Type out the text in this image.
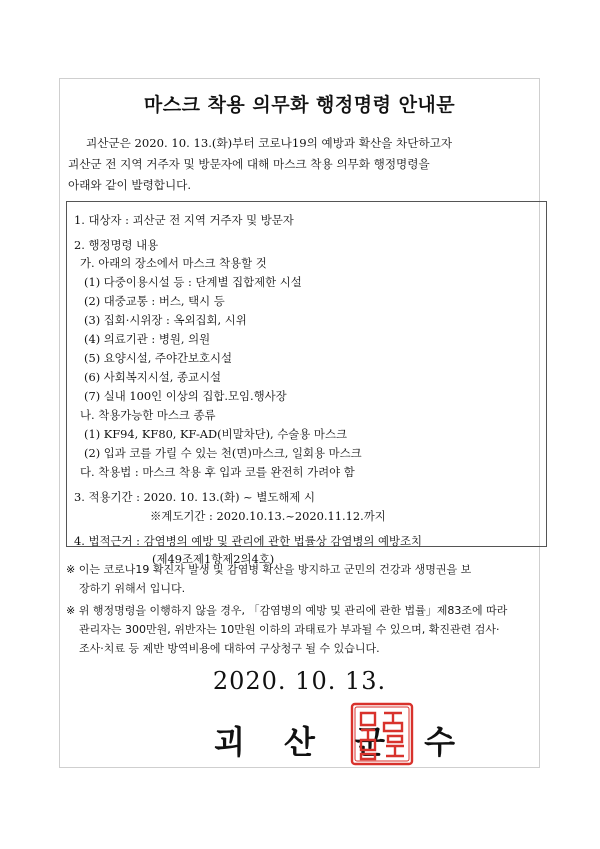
마스크 착용 의무화 행정명령 안내문
괴산군은 2020. 10. 13.(화)부터 코로나19의 예방과 확산을 차단하고자
괴산군 전 지역 거주자 및 방문자에 대해 마스크 착용 의무화 행정명령을
아래와 같이 발령합니다.
1. 대상자 : 괴산군 전 지역 거주자 및 방문자
2. 행정명령 내용
가. 아래의 장소에서 마스크 착용할 것
(1) 다중이용시설 등 : 단계별 집합제한 시설
(2) 대중교통 : 버스, 택시 등
(3) 집회·시위장 : 옥외집회, 시위
(4) 의료기관 : 병원, 의원
(5) 요양시설, 주야간보호시설
(6) 사회복지시설, 종교시설
(7) 실내 100인 이상의 집합.모임.행사장
나. 착용가능한 마스크 종류
(1) KF94, KF80, KF-AD(비말차단), 수술용 마스크
(2) 입과 코를 가릴 수 있는 천(면)마스크, 일회용 마스크
다. 착용법 : 마스크 착용 후 입과 코를 완전히 가려야 함
3. 적용기간 : 2020. 10. 13.(화) ~ 별도해제 시
※계도기간 : 2020.10.13.~2020.11.12.까지
4. 법적근거 : 감염병의 예방 및 관리에 관한 법률상 감염병의 예방조치
(제49조제1항제2의4호)
※ 이는 코로나19 확진자 발생 및 감염병 확산을 방지하고 군민의 건강과 생명권을 보
장하기 위해서 입니다.
※ 위 행정명령을 이행하지 않을 경우, 「감염병의 예방 및 관리에 관한 법률」제83조에 따라
관리자는 300만원, 위반자는 10만원 이하의 과태료가 부과될 수 있으며, 확진관련 검사·
조사·치료 등 제반 방역비용에 대하여 구상청구 될 수 있습니다.
2020. 10. 13.
괴 산 군 수
